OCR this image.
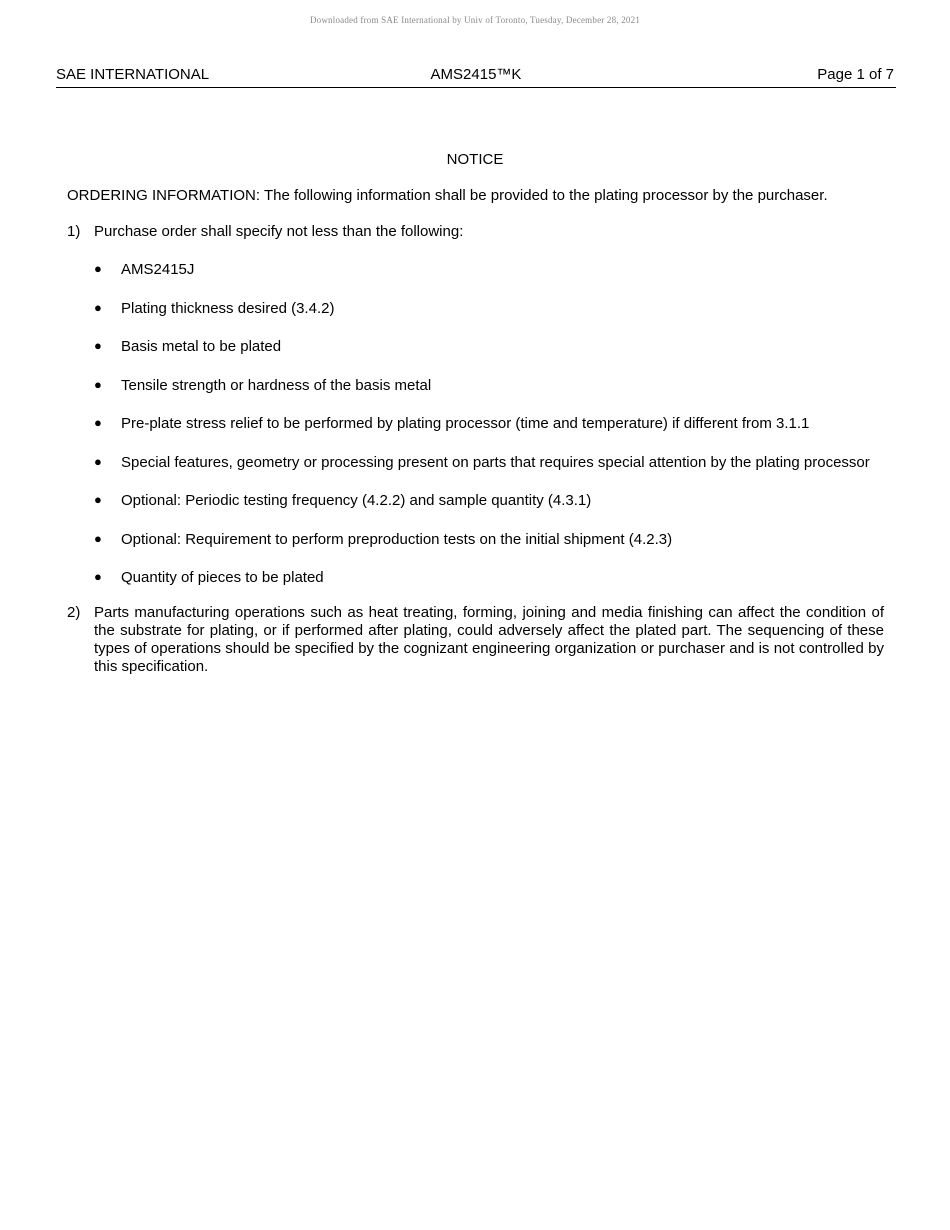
Downloaded from SAE International by Univ of Toronto, Tuesday, December 28, 2021
SAE INTERNATIONAL	AMS2415™K	Page 1 of 7
NOTICE
ORDERING INFORMATION: The following information shall be provided to the plating processor by the purchaser.
1) Purchase order shall specify not less than the following:
● AMS2415J
● Plating thickness desired (3.4.2)
● Basis metal to be plated
● Tensile strength or hardness of the basis metal
● Pre-plate stress relief to be performed by plating processor (time and temperature) if different from 3.1.1
● Special features, geometry or processing present on parts that requires special attention by the plating processor
● Optional: Periodic testing frequency (4.2.2) and sample quantity (4.3.1)
● Optional: Requirement to perform preproduction tests on the initial shipment (4.2.3)
● Quantity of pieces to be plated
2) Parts manufacturing operations such as heat treating, forming, joining and media finishing can affect the condition of the substrate for plating, or if performed after plating, could adversely affect the plated part. The sequencing of these types of operations should be specified by the cognizant engineering organization or purchaser and is not controlled by this specification.
